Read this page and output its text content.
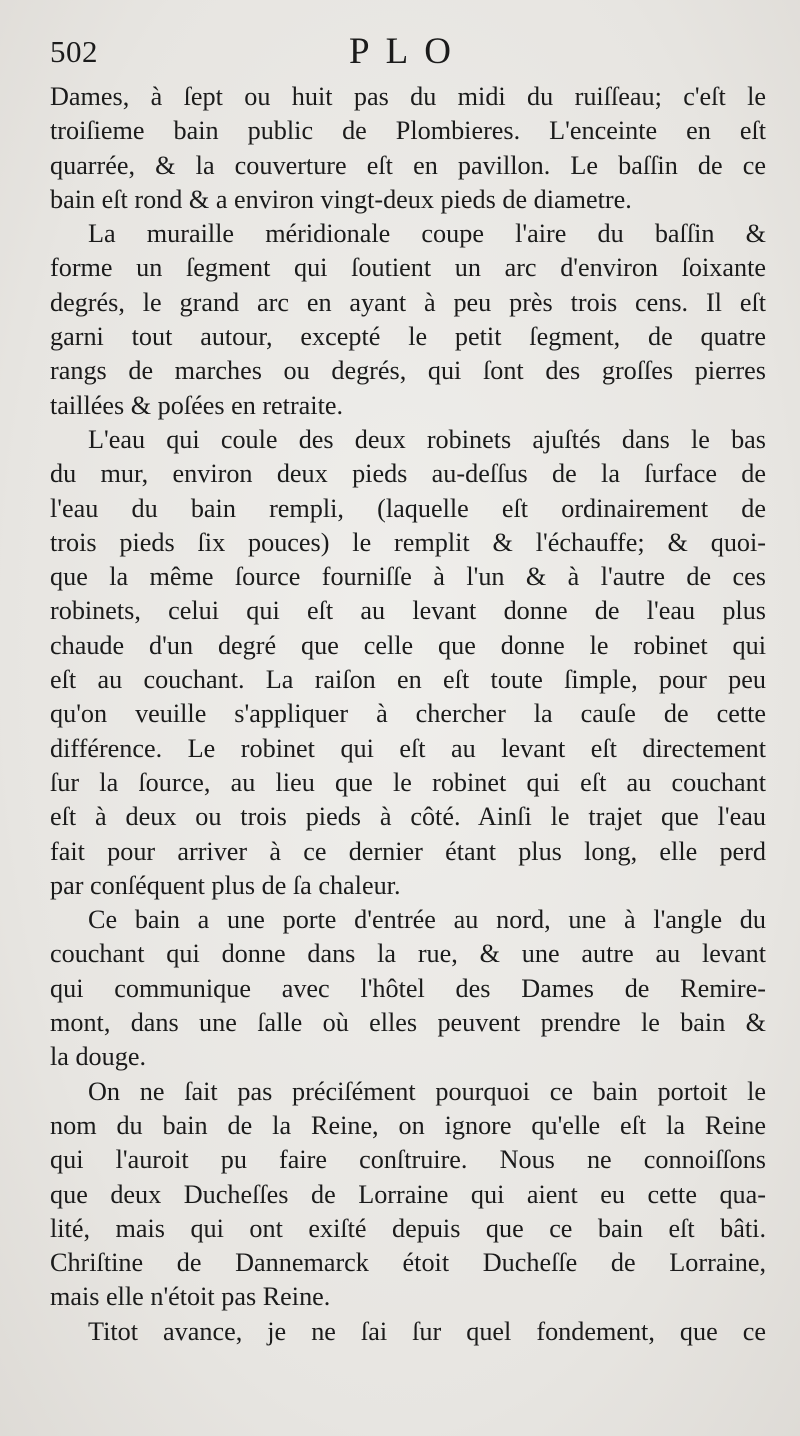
502	PLO
Dames, à ſept ou huit pas du midi du ruiſſeau; c'eſt le
troiſieme bain public de Plombieres. L'enceinte en eſt
quarrée, & la couverture eſt en pavillon. Le baſſin de ce
bain eſt rond & a environ vingt-deux pieds de diametre.
La muraille méridionale coupe l'aire du baſſin &
forme un ſegment qui ſoutient un arc d'environ ſoixante
degrés, le grand arc en ayant à peu près trois cens. Il eſt
garni tout autour, excepté le petit ſegment, de quatre
rangs de marches ou degrés, qui ſont des groſſes pierres
taillées & poſées en retraite.
L'eau qui coule des deux robinets ajuſtés dans le bas
du mur, environ deux pieds au-deſſus de la ſurface de
l'eau du bain rempli, (laquelle eſt ordinairement de
trois pieds ſix pouces) le remplit & l'échauffe; & quoi-
que la même ſource fourniſſe à l'un & à l'autre de ces
robinets, celui qui eſt au levant donne de l'eau plus
chaude d'un degré que celle que donne le robinet qui
eſt au couchant. La raiſon en eſt toute ſimple, pour peu
qu'on veuille s'appliquer à chercher la cauſe de cette
différence. Le robinet qui eſt au levant eſt directement
ſur la ſource, au lieu que le robinet qui eſt au couchant
eſt à deux ou trois pieds à côté. Ainſi le trajet que l'eau
fait pour arriver à ce dernier étant plus long, elle perd
par conſéquent plus de ſa chaleur.
Ce bain a une porte d'entrée au nord, une à l'angle du
couchant qui donne dans la rue, & une autre au levant
qui communique avec l'hôtel des Dames de Remire-
mont, dans une ſalle où elles peuvent prendre le bain &
la douge.
On ne ſait pas préciſément pourquoi ce bain portoit le
nom du bain de la Reine, on ignore qu'elle eſt la Reine
qui l'auroit pu faire conſtruire. Nous ne connoiſſons
que deux Ducheſſes de Lorraine qui aient eu cette qua-
lité, mais qui ont exiſté depuis que ce bain eſt bâti.
Chriſtine de Dannemarck étoit Ducheſſe de Lorraine,
mais elle n'étoit pas Reine.
Titot avance, je ne ſai ſur quel fondement, que ce
